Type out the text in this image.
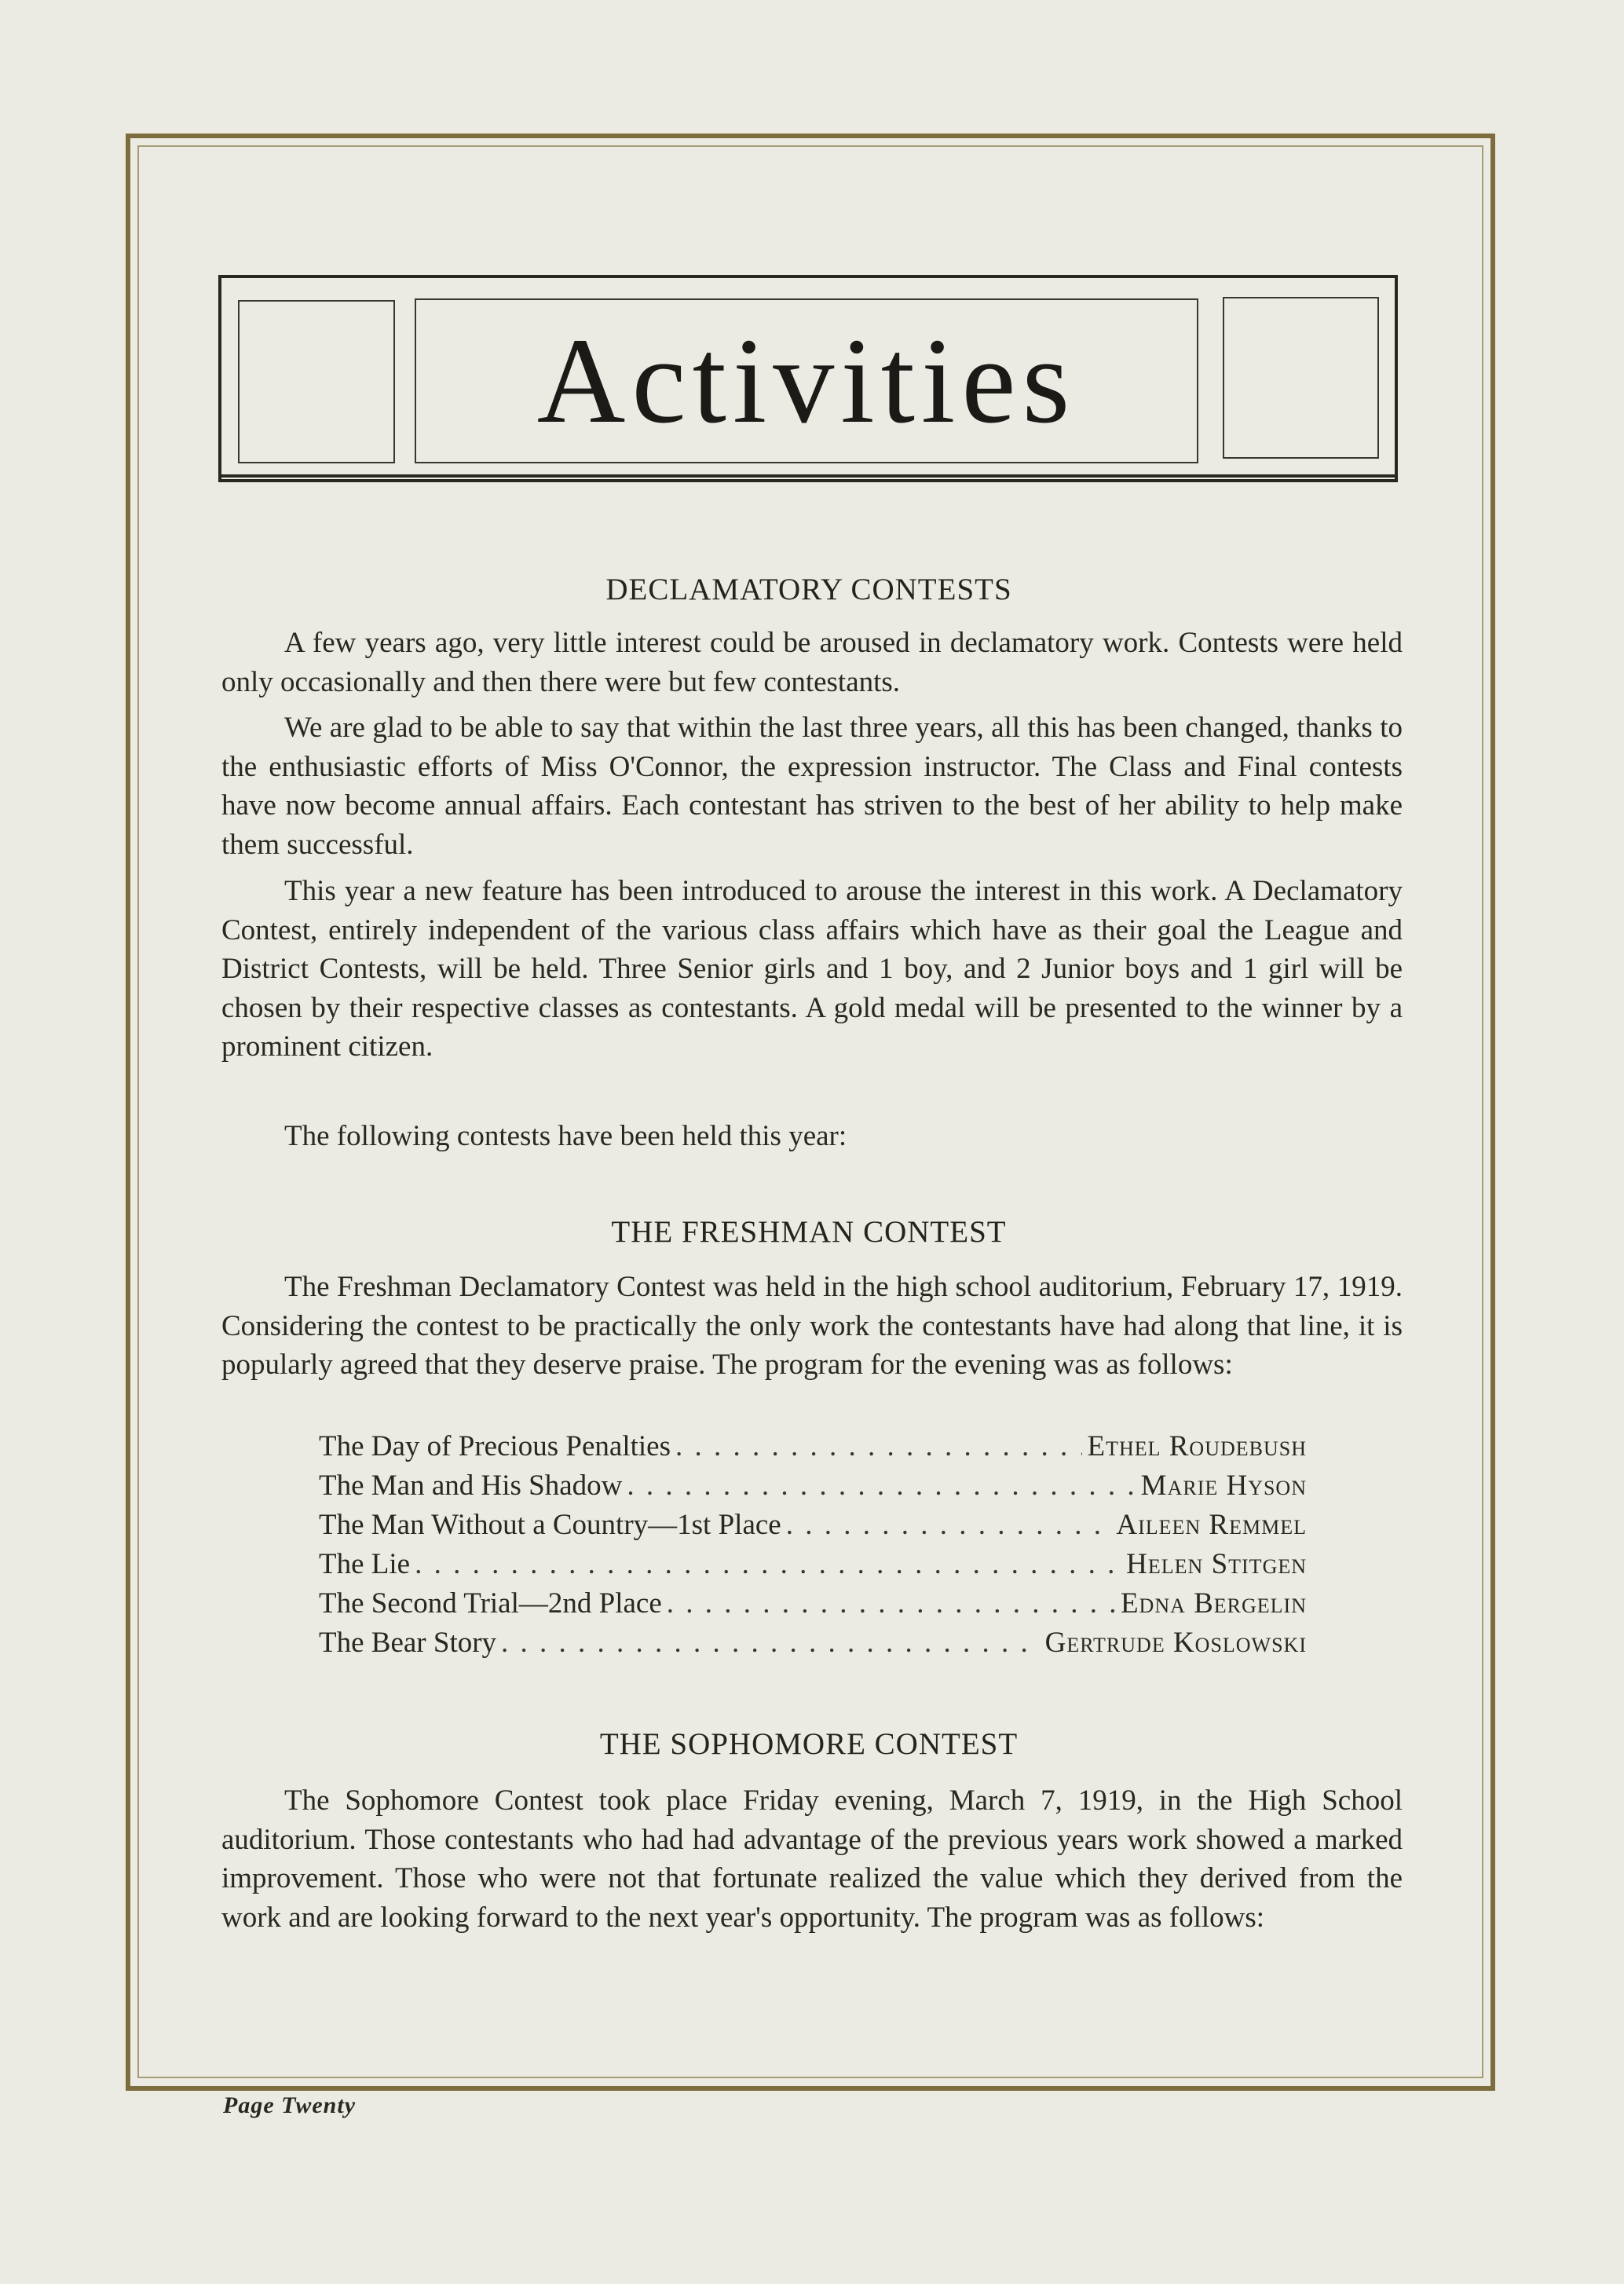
Activities
DECLAMATORY CONTESTS

A few years ago, very little interest could be aroused in declamatory work. Contests were held only occasionally and then there were but few contestants.

We are glad to be able to say that within the last three years, all this has been changed, thanks to the enthusiastic efforts of Miss O'Connor, the expression instructor. The Class and Final contests have now become annual affairs. Each contestant has striven to the best of her ability to help make them successful.

This year a new feature has been introduced to arouse the interest in this work. A Declamatory Contest, entirely independent of the various class affairs which have as their goal the League and District Contests, will be held. Three Senior girls and 1 boy, and 2 Junior boys and 1 girl will be chosen by their respective classes as contestants. A gold medal will be presented to the winner by a prominent citizen.

The following contests have been held this year:

THE FRESHMAN CONTEST

The Freshman Declamatory Contest was held in the high school auditorium, February 17, 1919. Considering the contest to be practically the only work the contestants have had along that line, it is popularly agreed that they deserve praise. The program for the evening was as follows:

The Day of Precious Penalties . . .	Ethel Roudebush
The Man and His Shadow . . .	Marie Hyson
The Man Without a Country—1st Place . . .	Aileen Remmel
The Lie . . .	Helen Stitgen
The Second Trial—2nd Place . . .	Edna Bergelin
The Bear Story . . .	Gertrude Koslowski
THE SOPHOMORE CONTEST

The Sophomore Contest took place Friday evening, March 7, 1919, in the High School auditorium. Those contestants who had had advantage of the previous years work showed a marked improvement. Those who were not that fortunate realized the value which they derived from the work and are looking forward to the next year's opportunity. The program was as follows:

Page Twenty
